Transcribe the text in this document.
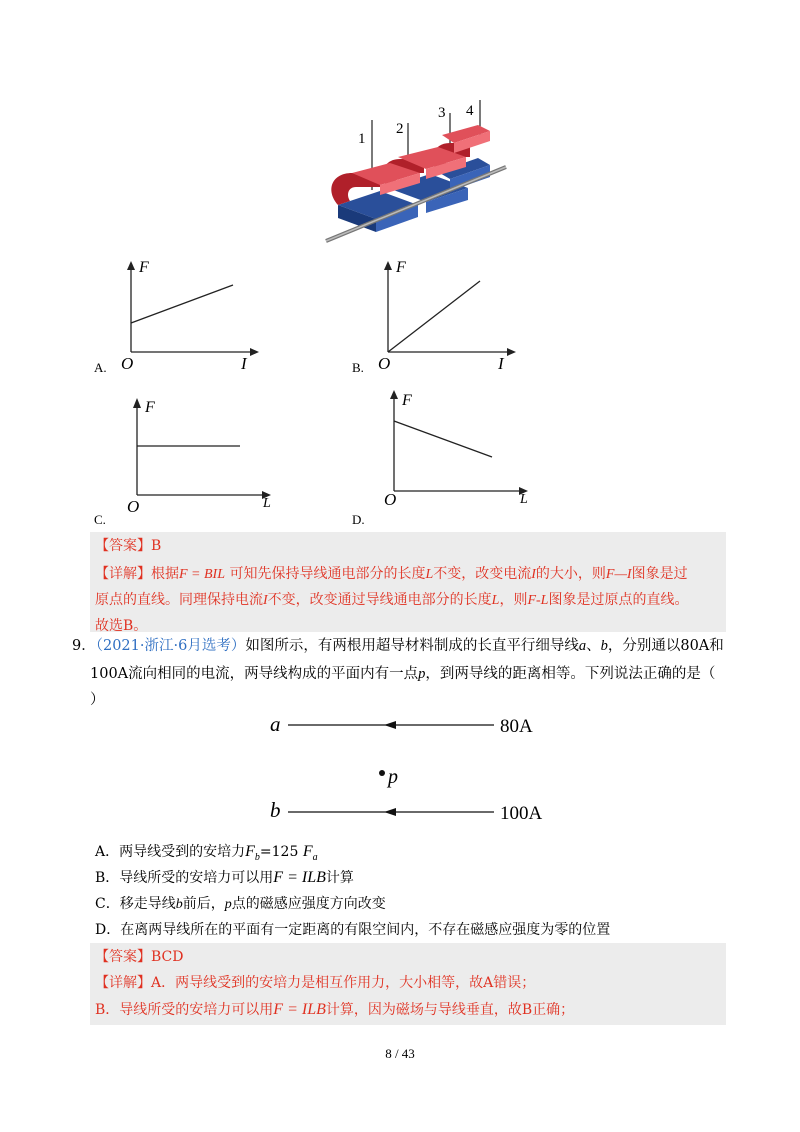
1
2
3 4
A.
F
O	I	B.
F
O	I
C.
F
O	L
D.
F
O	L
【答案】B
【详解】根据F = BIL 可知先保持导线通电部分的长度L不变，改变电流I的大小，则F—I图象是过
原点的直线。同理保持电流I不变，改变通过导线通电部分的长度L，则F-L图象是过原点的直线。
故选B。
9．（2021·浙江·6月选考）如图所示，有两根用超导材料制成的长直平行细导线a、b，分别通以80A和
100A流向相同的电流，两导线构成的平面内有一点p，到两导线的距离相等。下列说法正确的是（
）
a	80A
p
b	100A
A．两导线受到的安培力$F_b=125$ $F_a$
B．导线所受的安培力可以用F = ILB计算
C．移走导线b前后，p点的磁感应强度方向改变
D．在离两导线所在的平面有一定距离的有限空间内，不存在磁感应强度为零的位置
【答案】BCD
【详解】A．两导线受到的安培力是相互作用力，大小相等，故A错误；
B．导线所受的安培力可以用F = ILB计算，因为磁场与导线垂直，故B正确；
8 / 43
